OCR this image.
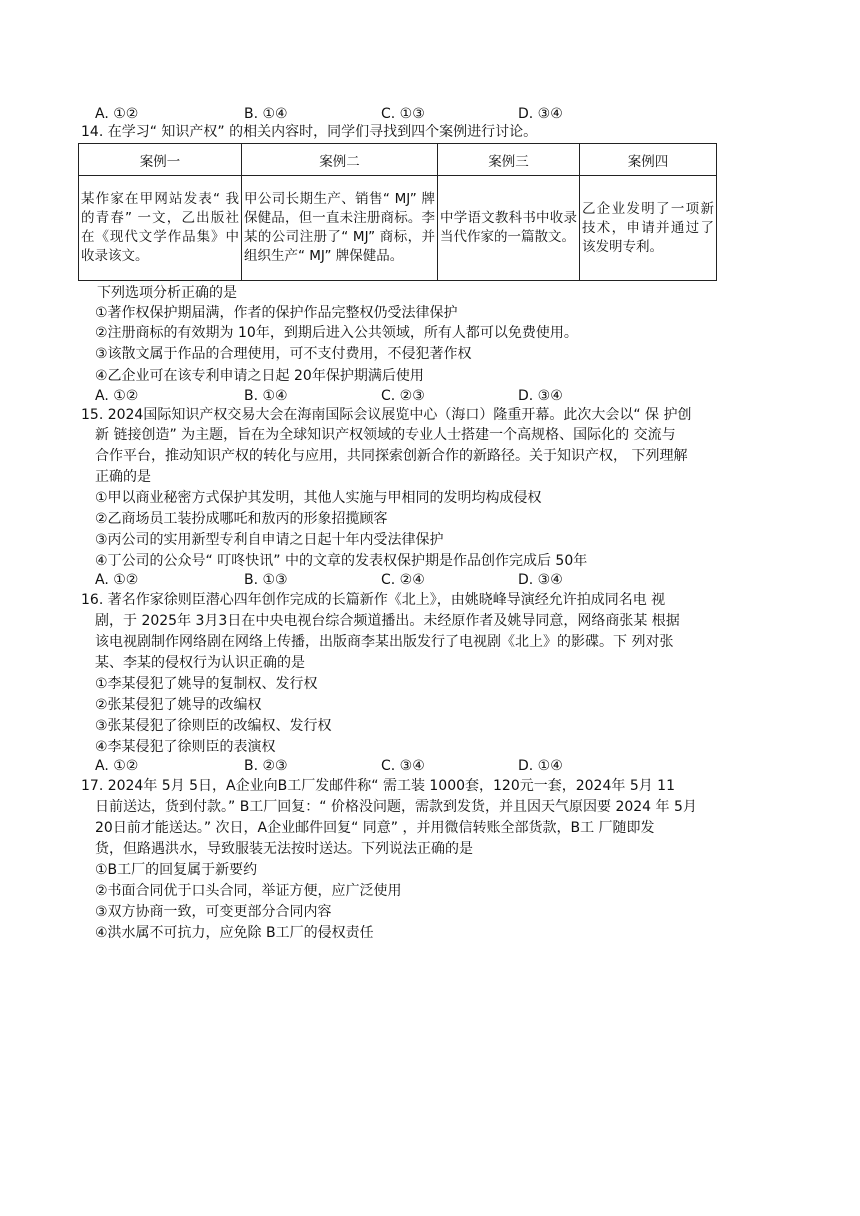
A. ①②	B. ①④	C. ①③	D. ③④
14. 在学习“ 知识产权” 的相关内容时，同学们寻找到四个案例进行讨论。
案例一	案例二	案例三	案例四
某作家在甲网站发表“ 我的青春” 一文，乙出版社在《现代文学作品集》中收录该文。	甲公司长期生产、销售“ MJ” 牌保健品，但一直未注册商标。李某的公司注册了“ MJ” 商标，并组织生产“ MJ” 牌保健品。	中学语文教科书中收录当代作家的一篇散文。	乙企业发明了一项新技术，申请并通过了该发明专利。
下列选项分析正确的是
①著作权保护期届满，作者的保护作品完整权仍受法律保护
②注册商标的有效期为 10年，到期后进入公共领域，所有人都可以免费使用。
③该散文属于作品的合理使用，可不支付费用，不侵犯著作权
④乙企业可在该专利申请之日起 20年保护期满后使用
A. ①②	B. ①④	C. ②③	D. ③④
15. 2024国际知识产权交易大会在海南国际会议展览中心（海口）隆重开幕。此次大会以“ 保 护创
新 链接创造” 为主题，旨在为全球知识产权领域的专业人士搭建一个高规格、国际化的 交流与
合作平台，推动知识产权的转化与应用，共同探索创新合作的新路径。关于知识产权， 下列理解
正确的是
①甲以商业秘密方式保护其发明，其他人实施与甲相同的发明均构成侵权
②乙商场员工装扮成哪吒和敖丙的形象招揽顾客
③丙公司的实用新型专利自申请之日起十年内受法律保护
④丁公司的公众号“ 叮咚快讯” 中的文章的发表权保护期是作品创作完成后 50年
A. ①②	B. ①③	C. ②④	D. ③④
16. 著名作家徐则臣潜心四年创作完成的长篇新作《北上》，由姚晓峰导演经允许拍成同名电 视
剧，于 2025年 3月3日在中央电视台综合频道播出。未经原作者及姚导同意，网络商张某 根据
该电视剧制作网络剧在网络上传播，出版商李某出版发行了电视剧《北上》的影碟。下 列对张
某、李某的侵权行为认识正确的是
①李某侵犯了姚导的复制权、发行权
②张某侵犯了姚导的改编权
③张某侵犯了徐则臣的改编权、发行权
④李某侵犯了徐则臣的表演权
A. ①②	B. ②③	C. ③④	D. ①④
17. 2024年 5月 5日，A企业向B工厂发邮件称“ 需工装 1000套，120元一套，2024年 5月 11
日前送达，货到付款。” B工厂回复：“ 价格没问题，需款到发货，并且因天气原因要 2024 年 5月
20日前才能送达。” 次日，A企业邮件回复“ 同意” ，并用微信转账全部货款，B工 厂随即发
货，但路遇洪水，导致服装无法按时送达。下列说法正确的是
①B工厂的回复属于新要约
②书面合同优于口头合同，举证方便，应广泛使用
③双方协商一致，可变更部分合同内容
④洪水属不可抗力，应免除 B工厂的侵权责任
